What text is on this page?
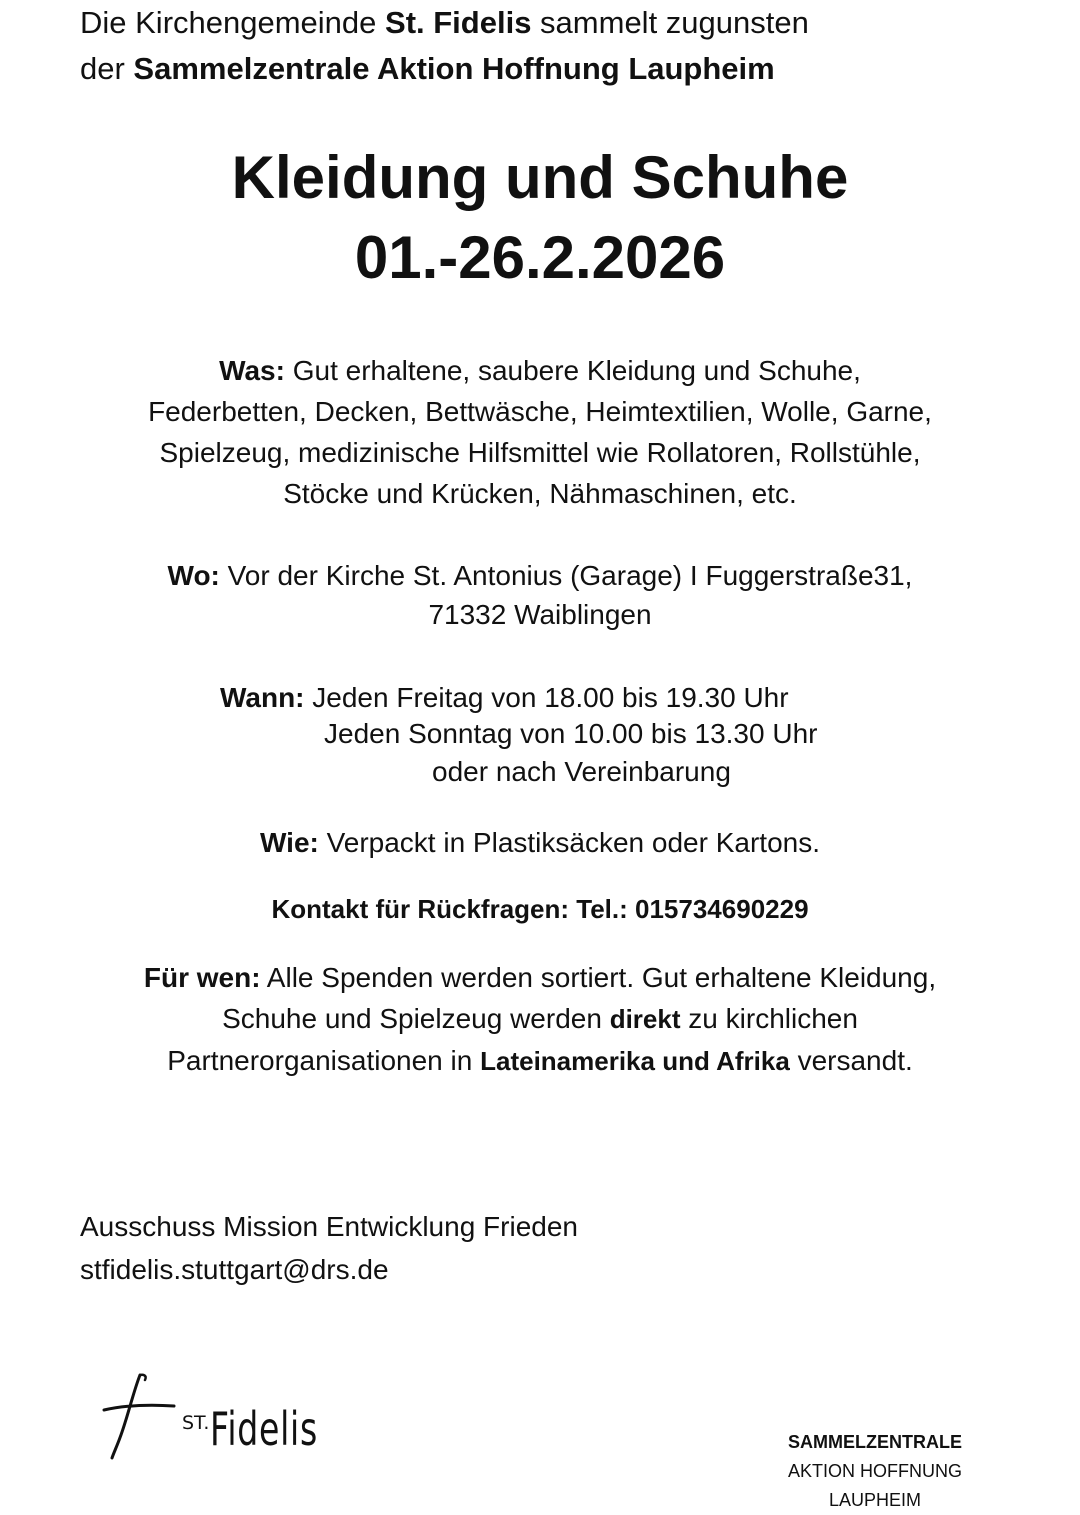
Die Kirchengemeinde St. Fidelis sammelt zugunsten
der Sammelzentrale Aktion Hoffnung Laupheim
Kleidung und Schuhe
01.-26.2.2026
Was: Gut erhaltene, saubere Kleidung und Schuhe,
Federbetten, Decken, Bettwäsche, Heimtextilien, Wolle, Garne,
Spielzeug, medizinische Hilfsmittel wie Rollatoren, Rollstühle,
Stöcke und Krücken, Nähmaschinen, etc.
Wo: Vor der Kirche St. Antonius (Garage) I Fuggerstraße31,
71332 Waiblingen
Wann: Jeden Freitag von 18.00 bis 19.30 Uhr
Jeden Sonntag von 10.00 bis 13.30 Uhr
oder nach Vereinbarung
Wie: Verpackt in Plastiksäcken oder Kartons.
Kontakt für Rückfragen: Tel.: 015734690229
Für wen: Alle Spenden werden sortiert. Gut erhaltene Kleidung,
Schuhe und Spielzeug werden direkt zu kirchlichen
Partnerorganisationen in Lateinamerika und Afrika versandt.
Ausschuss Mission Entwicklung Frieden
stfidelis.stuttgart@drs.de
ST. Fidelis	SAMMELZENTRALE
AKTION HOFFNUNG
LAUPHEIM
